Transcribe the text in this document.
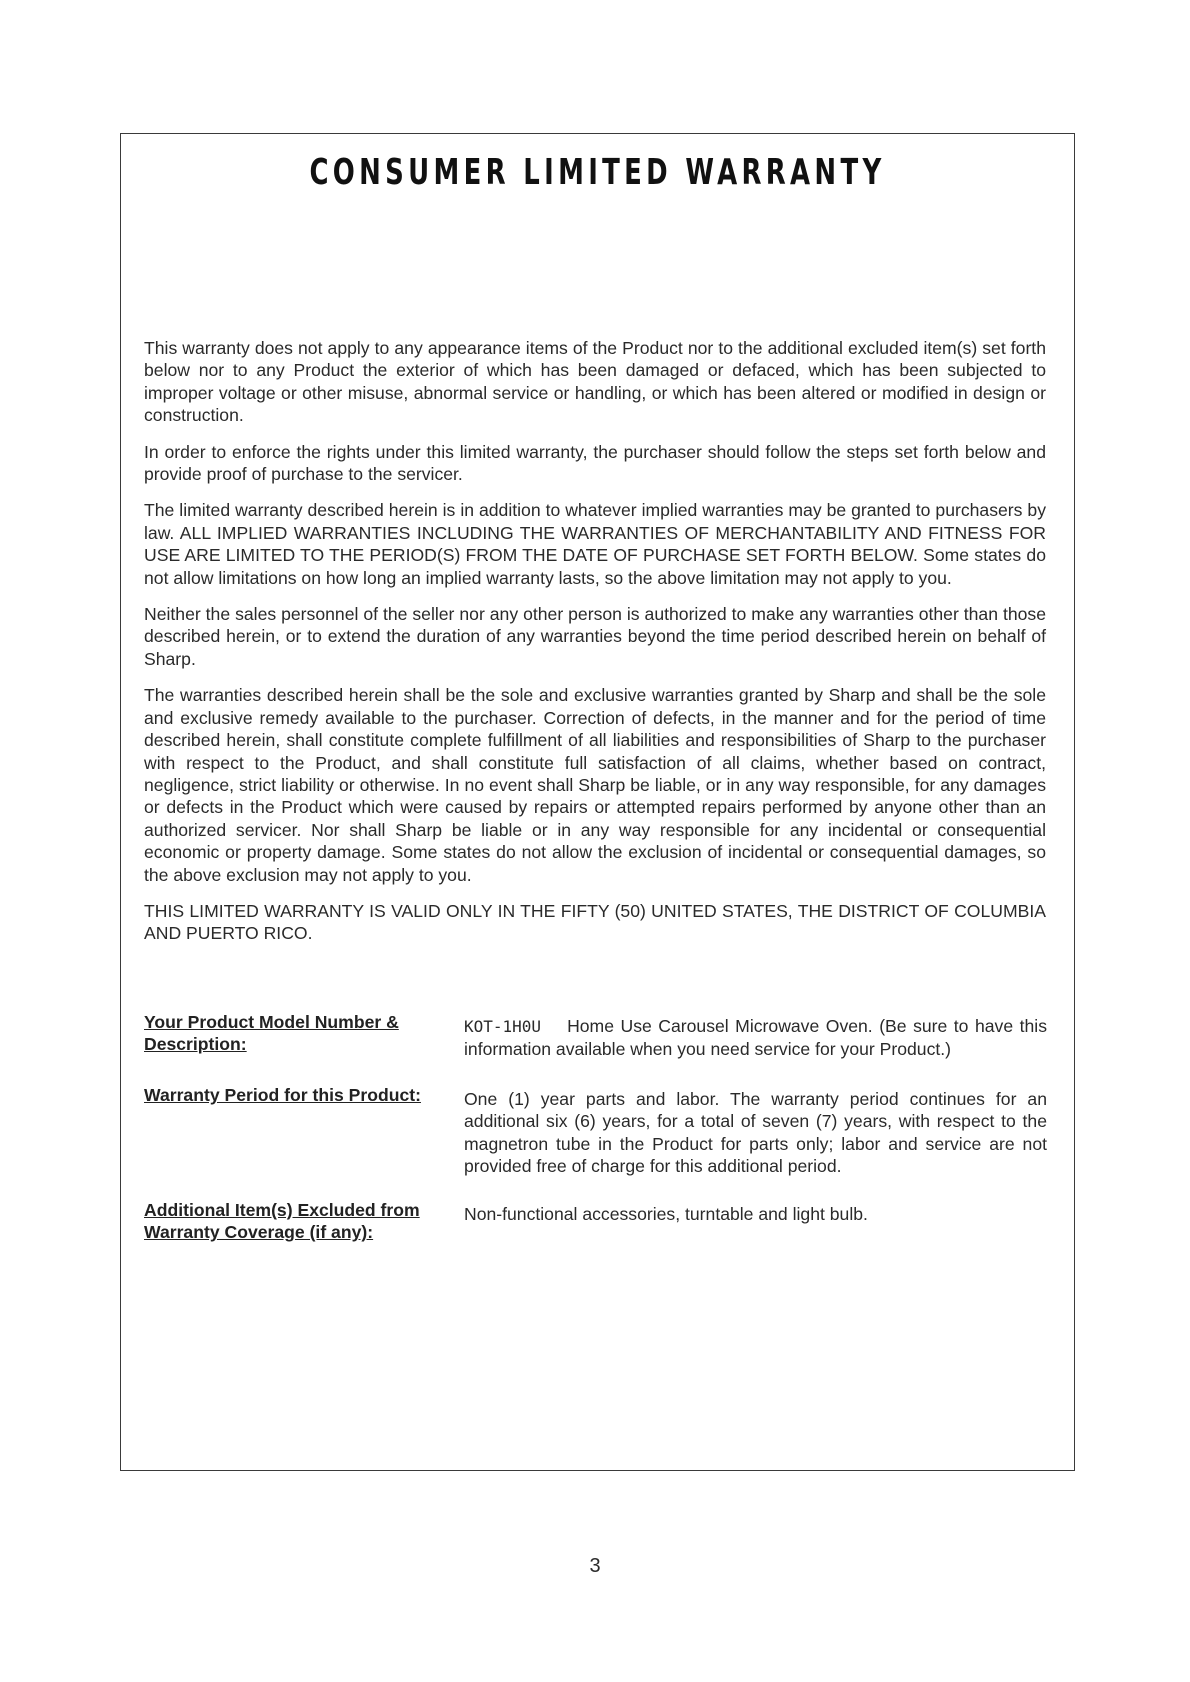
CONSUMER LIMITED WARRANTY

This warranty does not apply to any appearance items of the Product nor to the additional excluded item(s) set forth below nor to any Product the exterior of which has been damaged or defaced, which has been subjected to improper voltage or other misuse, abnormal service or handling, or which has been altered or modified in design or construction.

In order to enforce the rights under this limited warranty, the purchaser should follow the steps set forth below and provide proof of purchase to the servicer.

The limited warranty described herein is in addition to whatever implied warranties may be granted to purchasers by law. ALL IMPLIED WARRANTIES INCLUDING THE WARRANTIES OF MERCHANTABILITY AND FITNESS FOR USE ARE LIMITED TO THE PERIOD(S) FROM THE DATE OF PURCHASE SET FORTH BELOW. Some states do not allow limitations on how long an implied warranty lasts, so the above limitation may not apply to you.

Neither the sales personnel of the seller nor any other person is authorized to make any warranties other than those described herein, or to extend the duration of any warranties beyond the time period described herein on behalf of Sharp.

The warranties described herein shall be the sole and exclusive warranties granted by Sharp and shall be the sole and exclusive remedy available to the purchaser. Correction of defects, in the manner and for the period of time described herein, shall constitute complete fulfillment of all liabilities and responsibilities of Sharp to the purchaser with respect to the Product, and shall constitute full satisfaction of all claims, whether based on contract, negligence, strict liability or otherwise. In no event shall Sharp be liable, or in any way responsible, for any damages or defects in the Product which were caused by repairs or attempted repairs performed by anyone other than an authorized servicer. Nor shall Sharp be liable or in any way responsible for any incidental or consequential economic or property damage. Some states do not allow the exclusion of incidental or consequential damages, so the above exclusion may not apply to you.

THIS LIMITED WARRANTY IS VALID ONLY IN THE FIFTY (50) UNITED STATES, THE DISTRICT OF COLUMBIA AND PUERTO RICO.

Your Product Model Number & Description:
KOT-1H0U Home Use Carousel Microwave Oven. (Be sure to have this information available when you need service for your Product.)
Warranty Period for this Product:	One (1) year parts and labor. The warranty period continues for an additional six (6) years, for a total of seven (7) years, with respect to the magnetron tube in the Product for parts only; labor and service are not provided free of charge for this additional period.
Additional Item(s) Excluded from Warranty Coverage (if any):
Non-functional accessories, turntable and light bulb.
3
